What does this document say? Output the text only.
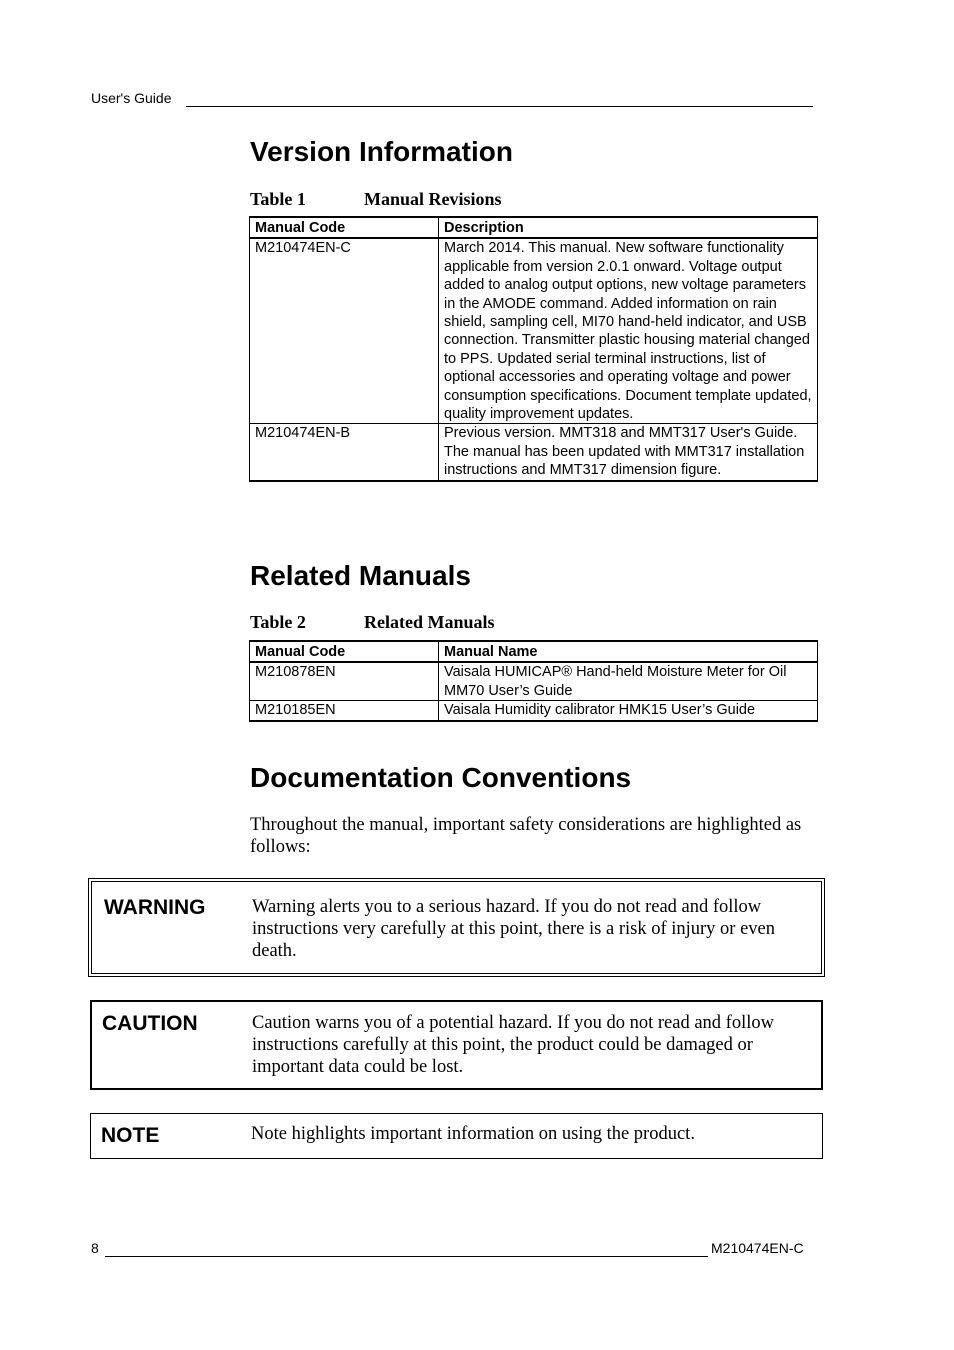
User's Guide
Version Information
Table 1	Manual Revisions
Manual Code	Description
M210474EN-C	March 2014. This manual. New software functionality applicable from version 2.0.1 onward. Voltage output added to analog output options, new voltage parameters in the AMODE command. Added information on rain shield, sampling cell, MI70 hand-held indicator, and USB connection. Transmitter plastic housing material changed to PPS. Updated serial terminal instructions, list of optional accessories and operating voltage and power consumption specifications. Document template updated, quality improvement updates.
M210474EN-B	Previous version. MMT318 and MMT317 User's Guide. The manual has been updated with MMT317 installation instructions and MMT317 dimension figure.
Related Manuals
Table 2	Related Manuals
Manual Code	Manual Name
M210878EN	Vaisala HUMICAP® Hand-held Moisture Meter for Oil MM70 User’s Guide
M210185EN	Vaisala Humidity calibrator HMK15 User’s Guide
Documentation Conventions
Throughout the manual, important safety considerations are highlighted as follows:
WARNING	Warning alerts you to a serious hazard. If you do not read and follow instructions very carefully at this point, there is a risk of injury or even death.
CAUTION	Caution warns you of a potential hazard. If you do not read and follow instructions carefully at this point, the product could be damaged or important data could be lost.
NOTE	Note highlights important information on using the product.
8	M210474EN-C
